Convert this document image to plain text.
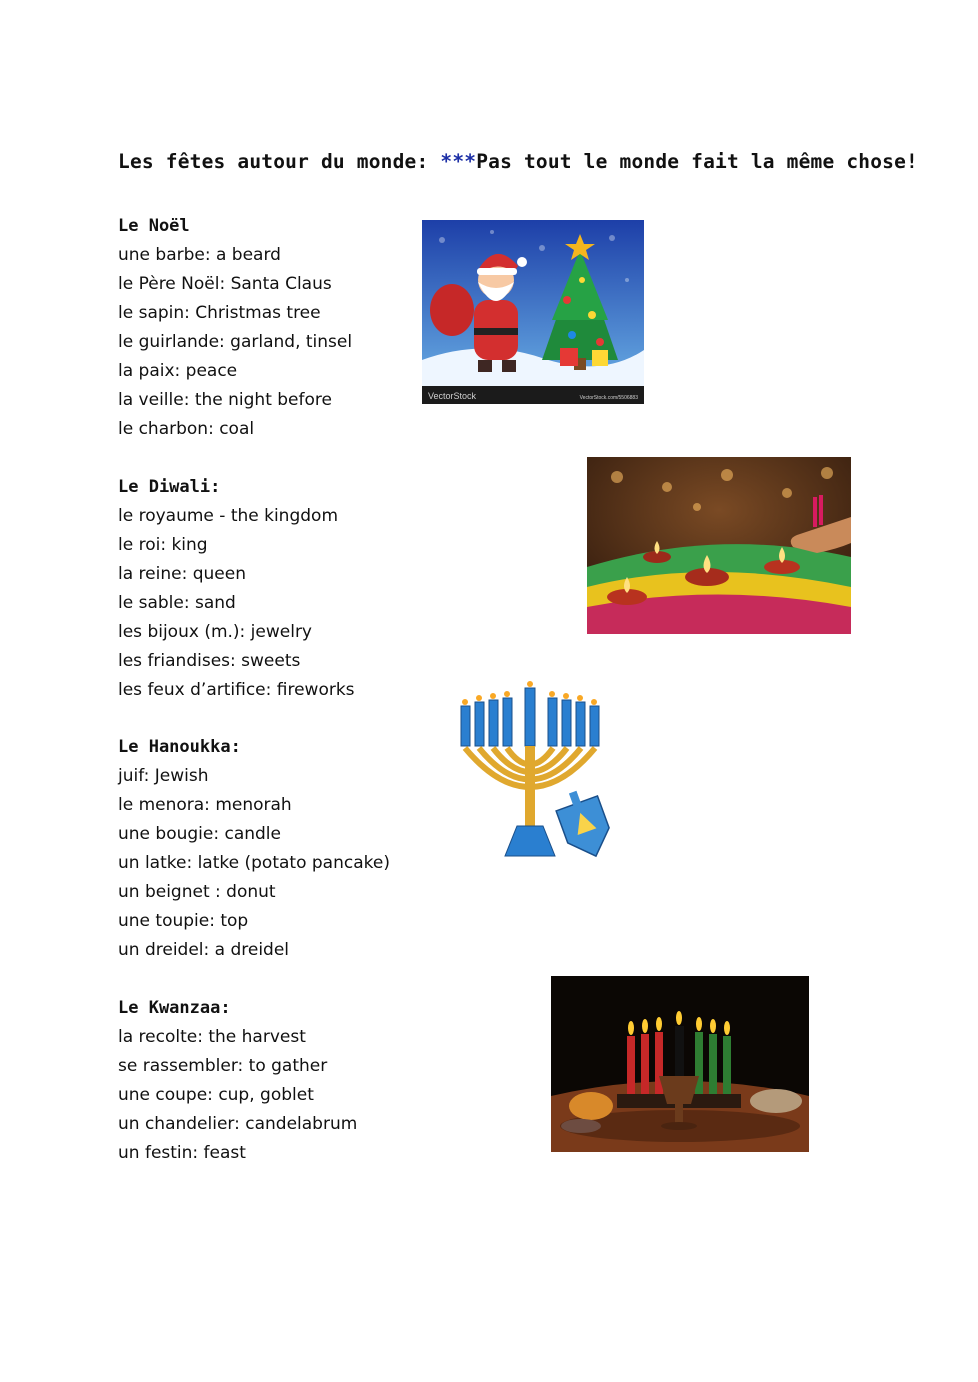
Les fêtes autour du monde: ***Pas tout le monde fait la même chose!
Le Noël
une barbe: a beard
le Père Noël: Santa Claus
le sapin: Christmas tree
le guirlande: garland, tinsel
la paix: peace
la veille: the night before
le charbon: coal
Le Diwali:
le royaume - the kingdom
le roi: king
la reine: queen
le sable: sand
les bijoux (m.): jewelry
les friandises: sweets
les feux d’artifice: fireworks
Le Hanoukka:
juif: Jewish
le menora: menorah
une bougie: candle
un latke: latke (potato pancake)
un beignet : donut
une toupie: top
un dreidel: a dreidel
Le Kwanzaa:
la recolte: the harvest
se rassembler: to gather
une coupe: cup, goblet
un chandelier: candelabrum
un festin: feast
VectorStock	VectorStock.com/5506883
